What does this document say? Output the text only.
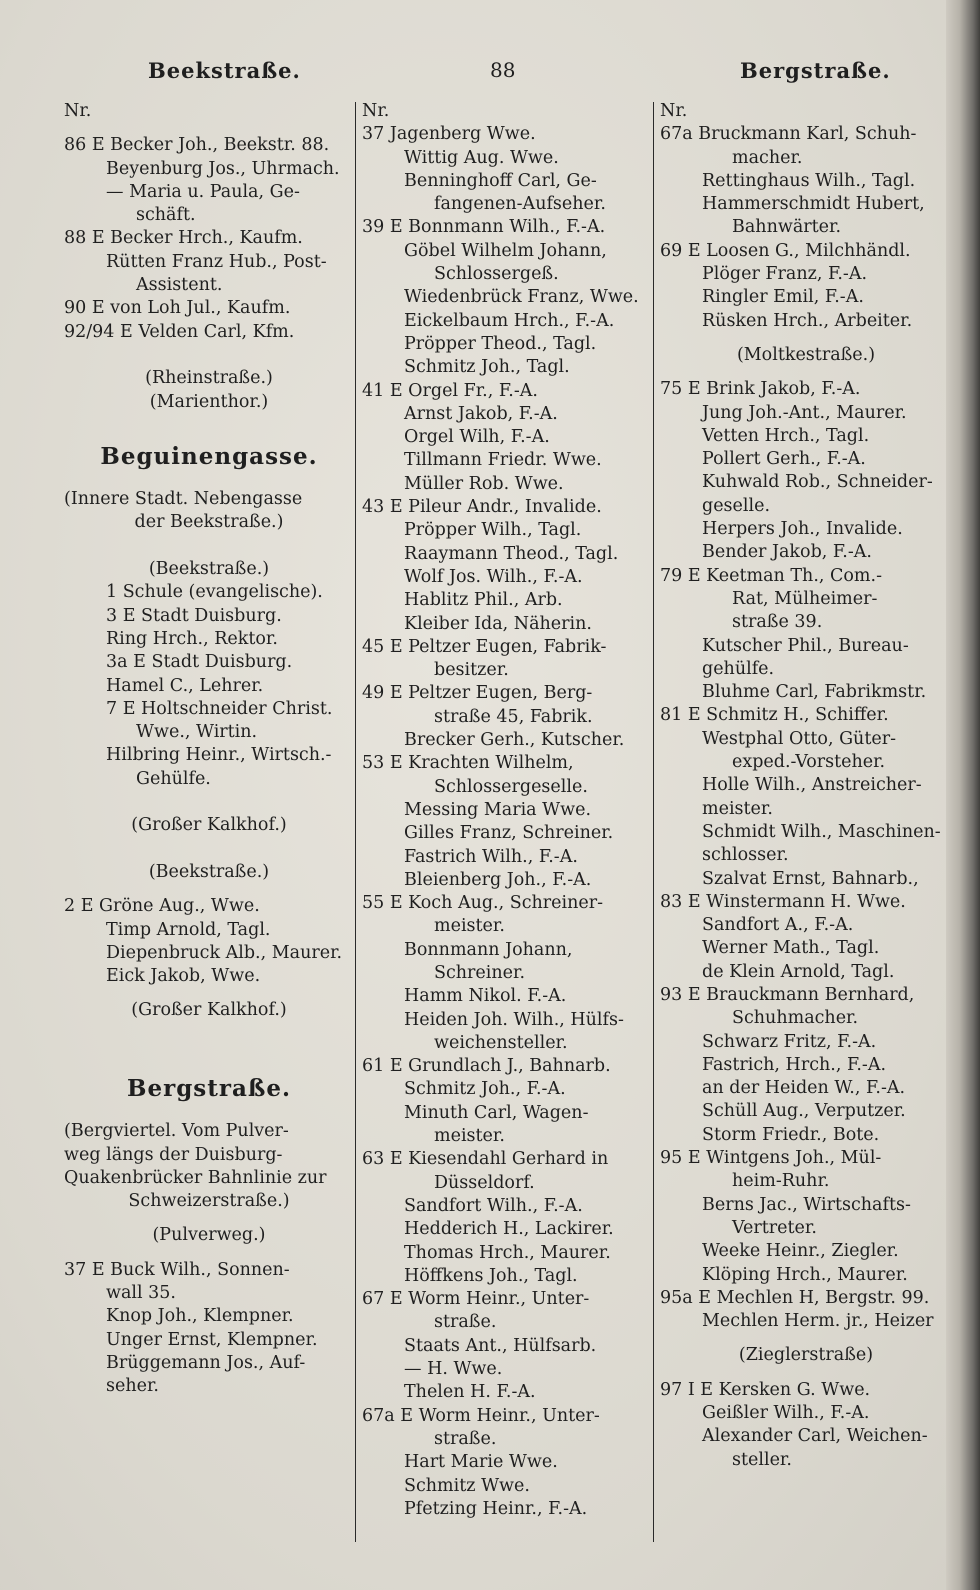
Beekstraße.	88	Bergstraße.
Nr.
86 E Becker Joh., Beekstr. 88.
Beyenburg Jos., Uhrmach.
— Maria u. Paula, Ge-
schäft.
88 E Becker Hrch., Kaufm.
Rütten Franz Hub., Post-
Assistent.
90 E von Loh Jul., Kaufm.
92/94 E Velden Carl, Kfm.
(Rheinstraße.)
(Marienthor.)
Beguinengasse.
(Innere Stadt. Nebengasse
der Beekstraße.)
(Beekstraße.)
1 Schule (evangelische).
3 E Stadt Duisburg.
Ring Hrch., Rektor.
3a E Stadt Duisburg.
Hamel C., Lehrer.
7 E Holtschneider Christ.
Wwe., Wirtin.
Hilbring Heinr., Wirtsch.-
Gehülfe.
(Großer Kalkhof.)
(Beekstraße.)
2 E Gröne Aug., Wwe.
Timp Arnold, Tagl.
Diepenbruck Alb., Maurer.
Eick Jakob, Wwe.
(Großer Kalkhof.)
Bergstraße.
(Bergviertel. Vom Pulver-
weg längs der Duisburg-
Quakenbrücker Bahnlinie zur
Schweizerstraße.)
(Pulverweg.)
37 E Buck Wilh., Sonnen-
wall 35.
Knop Joh., Klempner.
Unger Ernst, Klempner.
Brüggemann Jos., Auf-
seher.
Nr.
37 Jagenberg Wwe.
Wittig Aug. Wwe.
Benninghoff Carl, Ge-
fangenen-Aufseher.
39 E Bonnmann Wilh., F.-A.
Göbel Wilhelm Johann,
Schlossergeß.
Wiedenbrück Franz, Wwe.
Eickelbaum Hrch., F.-A.
Pröpper Theod., Tagl.
Schmitz Joh., Tagl.
41 E Orgel Fr., F.-A.
Arnst Jakob, F.-A.
Orgel Wilh, F.-A.
Tillmann Friedr. Wwe.
Müller Rob. Wwe.
43 E Pileur Andr., Invalide.
Pröpper Wilh., Tagl.
Raaymann Theod., Tagl.
Wolf Jos. Wilh., F.-A.
Hablitz Phil., Arb.
Kleiber Ida, Näherin.
45 E Peltzer Eugen, Fabrik-
besitzer.
49 E Peltzer Eugen, Berg-
straße 45, Fabrik.
Brecker Gerh., Kutscher.
53 E Krachten Wilhelm,
Schlossergeselle.
Messing Maria Wwe.
Gilles Franz, Schreiner.
Fastrich Wilh., F.-A.
Bleienberg Joh., F.-A.
55 E Koch Aug., Schreiner-
meister.
Bonnmann Johann,
Schreiner.
Hamm Nikol. F.-A.
Heiden Joh. Wilh., Hülfs-
weichensteller.
61 E Grundlach J., Bahnarb.
Schmitz Joh., F.-A.
Minuth Carl, Wagen-
meister.
63 E Kiesendahl Gerhard in
Düsseldorf.
Sandfort Wilh., F.-A.
Hedderich H., Lackirer.
Thomas Hrch., Maurer.
Höffkens Joh., Tagl.
67 E Worm Heinr., Unter-
straße.
Staats Ant., Hülfsarb.
— H. Wwe.
Thelen H. F.-A.
67a E Worm Heinr., Unter-
straße.
Hart Marie Wwe.
Schmitz Wwe.
Pfetzing Heinr., F.-A.
Nr.
67a Bruckmann Karl, Schuh-
macher.
Rettinghaus Wilh., Tagl.
Hammerschmidt Hubert,
Bahnwärter.
69 E Loosen G., Milchhändl.
Plöger Franz, F.-A.
Ringler Emil, F.-A.
Rüsken Hrch., Arbeiter.
(Moltkestraße.)
75 E Brink Jakob, F.-A.
Jung Joh.-Ant., Maurer.
Vetten Hrch., Tagl.
Pollert Gerh., F.-A.
Kuhwald Rob., Schneider-
geselle.
Herpers Joh., Invalide.
Bender Jakob, F.-A.
79 E Keetman Th., Com.-
Rat, Mülheimer-
straße 39.
Kutscher Phil., Bureau-
gehülfe.
Bluhme Carl, Fabrikmstr.
81 E Schmitz H., Schiffer.
Westphal Otto, Güter-
exped.-Vorsteher.
Holle Wilh., Anstreicher-
meister.
Schmidt Wilh., Maschinen-
schlosser.
Szalvat Ernst, Bahnarb.,
83 E Winstermann H. Wwe.
Sandfort A., F.-A.
Werner Math., Tagl.
de Klein Arnold, Tagl.
93 E Brauckmann Bernhard,
Schuhmacher.
Schwarz Fritz, F.-A.
Fastrich, Hrch., F.-A.
an der Heiden W., F.-A.
Schüll Aug., Verputzer.
Storm Friedr., Bote.
95 E Wintgens Joh., Mül-
heim-Ruhr.
Berns Jac., Wirtschafts-
Vertreter.
Weeke Heinr., Ziegler.
Klöping Hrch., Maurer.
95a E Mechlen H, Bergstr. 99.
Mechlen Herm. jr., Heizer
(Zieglerstraße)
97 I E Kersken G. Wwe.
Geißler Wilh., F.-A.
Alexander Carl, Weichen-
steller.
